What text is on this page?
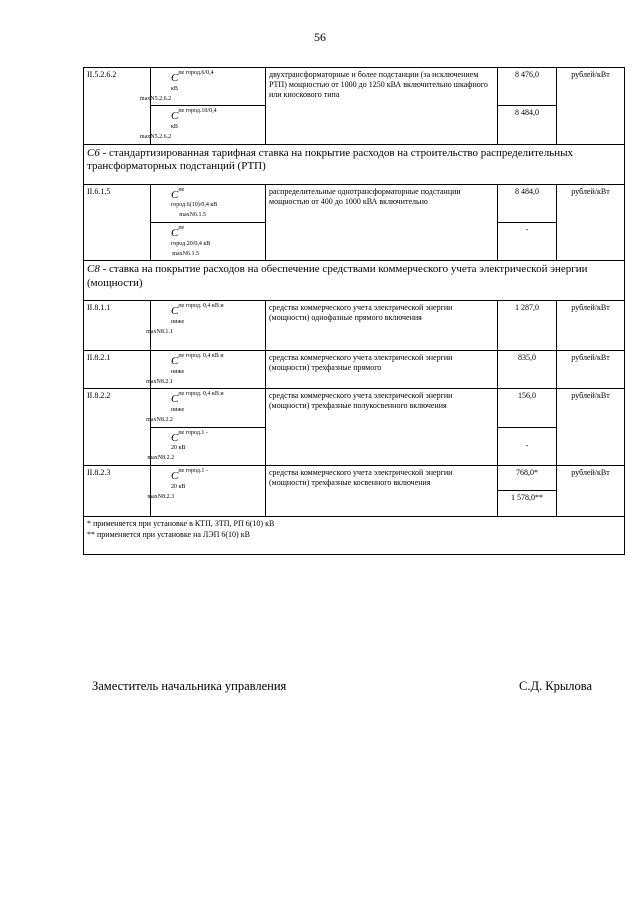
56
II.5.2.6.2	$C^{пе город.6/0,4 кВ}_{maxN5.2.6.2}$	двухтрансформаторные и более подстанции (за исключением РТП) мощностью от 1000 до 1250 кВА включительно шкафного или киоскового типа	8 476,0	рублей/кВт
	$C^{пе город.10/0,4 кВ}_{maxN5.2.6.2}$		8 484,0	
С6 - стандартизированная тарифная ставка на покрытие расходов на строительство распределительных трансформаторных подстанций (РТП)				
II.6.1.5	$C^{пе город.6(10)/0,4 кВ}_{maxN6.1.5}$	распределительные однотрансформаторные подстанции мощностью от 400 до 1000 кВА включительно	8 484,0	рублей/кВт
	$C^{пе город.20/0,4 кВ}_{maxN6.1.5}$		-	
С8 - ставка на покрытие расходов на обеспечение средствами коммерческого учета электрической энергии (мощности)				
II.8.1.1	$C^{пе город. 0,4 кВ и ниже}_{maxN8.1.1}$	средства коммерческого учета электрической энергии (мощности) однофазные прямого включения	1 287,0	рублей/кВт
II.8.2.1	$C^{пе город. 0,4 кВ и ниже}_{maxN8.2.1}$	средства коммерческого учета электрической энергии (мощности) трехфазные прямого	835,0	рублей/кВт
II.8.2.2	$C^{пе город. 0,4 кВ и ниже}_{maxN8.2.2}$	средства коммерческого учета электрической энергии (мощности) трехфазные полукосвенного включения	156,0	рублей/кВт
	$C^{пе город.1 - 20 кВ}_{maxN8.2.2}$		-	
II.8.2.3	$C^{пе город.1 - 20 кВ}_{maxN8.2.3}$	средства коммерческого учета электрической энергии (мощности) трехфазные косвенного включения	768,0*	рублей/кВт
			1 578,0**	

* применяется при установке в КТП, ЗТП, РП 6(10) кВ
** применяется при установке на ЛЭП 6(10) кВ				
Заместитель начальника управления	С.Д. Крылова
